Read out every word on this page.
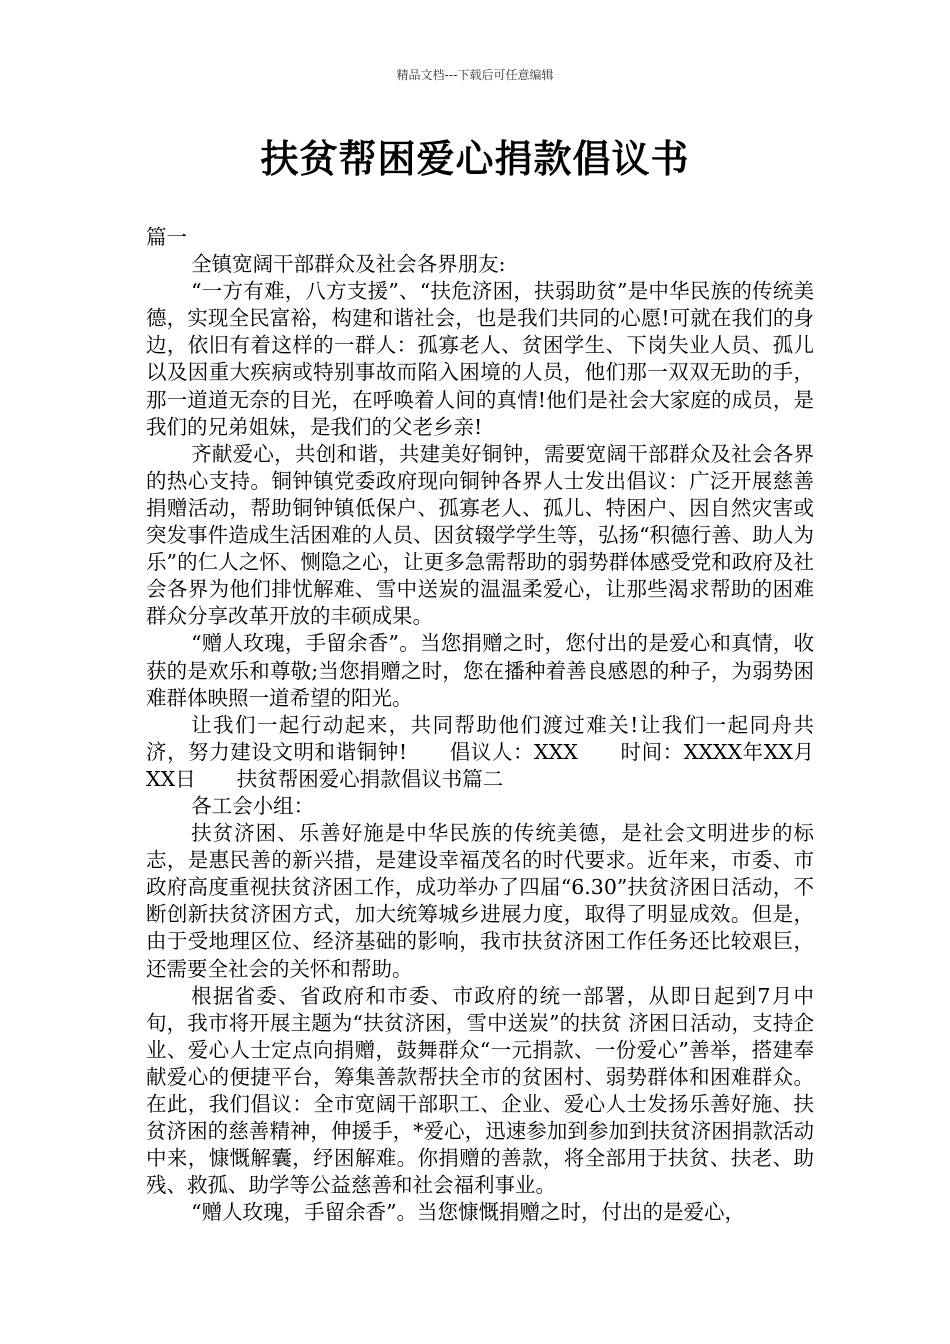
精品文档---下载后可任意编辑
扶贫帮困爱心捐款倡议书

篇一

全镇宽阔干部群众及社会各界朋友:

“一方有难，八方支援”、“扶危济困，扶弱助贫”是中华民族的传统美德，实现全民富裕，构建和谐社会，也是我们共同的心愿!可就在我们的身边，依旧有着这样的一群人：孤寡老人、贫困学生、下岗失业人员、孤儿以及因重大疾病或特别事故而陷入困境的人员，他们那一双双无助的手，那一道道无奈的目光，在呼唤着人间的真情!他们是社会大家庭的成员，是我们的兄弟姐妹，是我们的父老乡亲!

齐献爱心，共创和谐，共建美好铜钟，需要宽阔干部群众及社会各界的热心支持。铜钟镇党委政府现向铜钟各界人士发出倡议：广泛开展慈善捐赠活动，帮助铜钟镇低保户、孤寡老人、孤儿、特困户、因自然灾害或突发事件造成生活困难的人员、因贫辍学学生等，弘扬“积德行善、助人为乐”的仁人之怀、恻隐之心，让更多急需帮助的弱势群体感受党和政府及社会各界为他们排忧解难、雪中送炭的温温柔爱心，让那些渴求帮助的困难群众分享改革开放的丰硕成果。

“赠人玫瑰，手留余香”。当您捐赠之时，您付出的是爱心和真情，收获的是欢乐和尊敬;当您捐赠之时，您在播种着善良感恩的种子，为弱势困难群体映照一道希望的阳光。

让我们一起行动起来，共同帮助他们渡过难关!让我们一起同舟共济，努力建设文明和谐铜钟!　　倡议人：XXX　　时间：XXXX年XX月XX日　　扶贫帮困爱心捐款倡议书篇二

各工会小组：

扶贫济困、乐善好施是中华民族的传统美德，是社会文明进步的标志，是惠民善的新兴措，是建设幸福茂名的时代要求。近年来，市委、市政府高度重视扶贫济困工作，成功举办了四届“6.30”扶贫济困日活动，不断创新扶贫济困方式，加大统筹城乡进展力度，取得了明显成效。但是，由于受地理区位、经济基础的影响，我市扶贫济困工作任务还比较艰巨，还需要全社会的关怀和帮助。

根据省委、省政府和市委、市政府的统一部署，从即日起到7月中旬，我市将开展主题为“扶贫济困，雪中送炭”的扶贫 济困日活动，支持企业、爱心人士定点向捐赠，鼓舞群众“一元捐款、一份爱心”善举，搭建奉献爱心的便捷平台，筹集善款帮扶全市的贫困村、弱势群体和困难群众。在此，我们倡议：全市宽阔干部职工、企业、爱心人士发扬乐善好施、扶贫济困的慈善精神，伸援手，*爱心，迅速参加到参加到扶贫济困捐款活动中来，慷慨解囊，纾困解难。你捐赠的善款，将全部用于扶贫、扶老、助残、救孤、助学等公益慈善和社会福利事业。

“赠人玫瑰，手留余香”。当您慷慨捐赠之时，付出的是爱心，
